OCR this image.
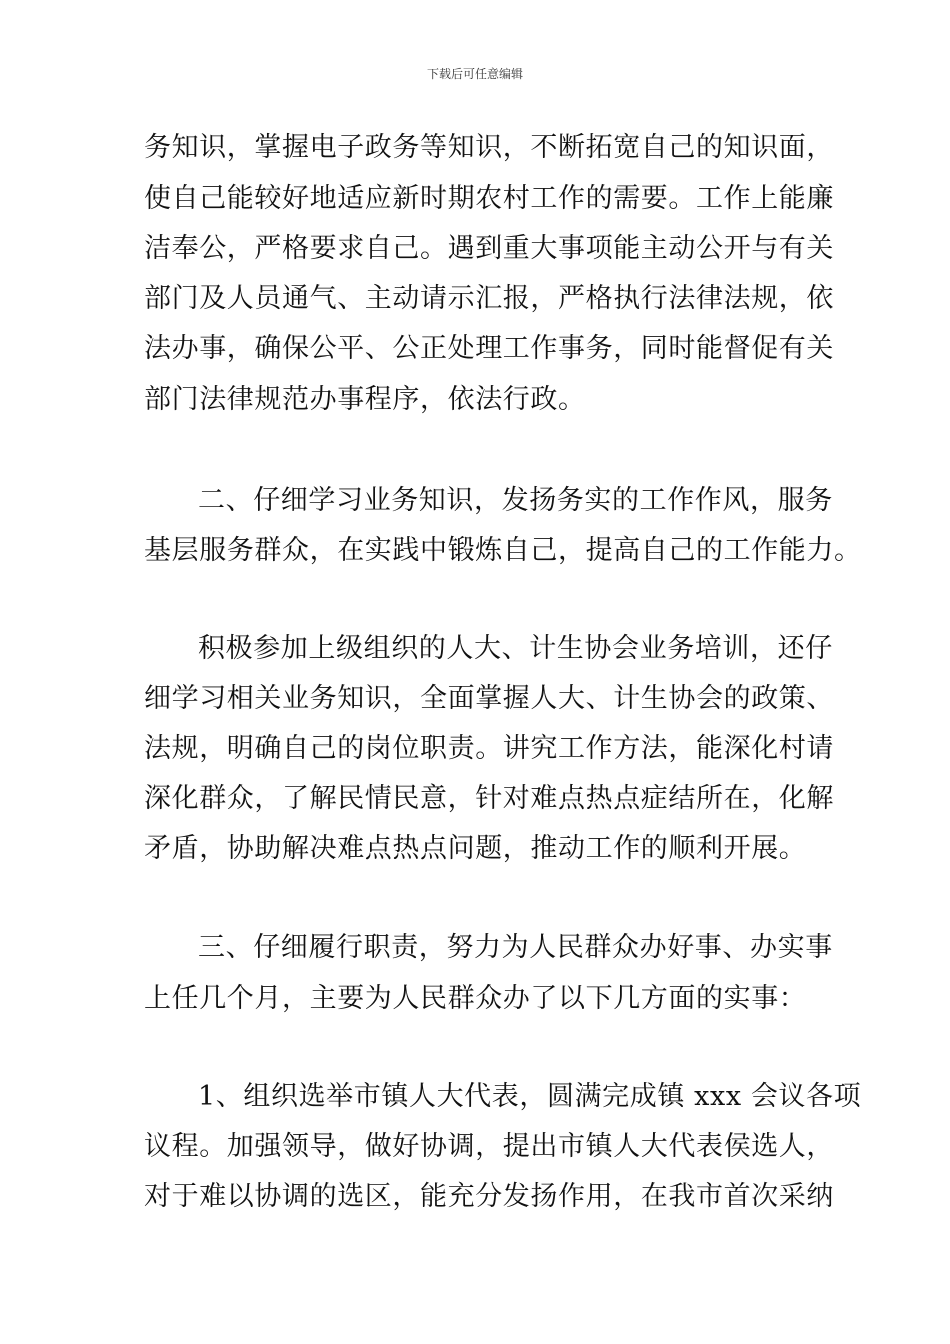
下载后可任意编辑
务知识，掌握电子政务等知识，不断拓宽自己的知识面，
使自己能较好地适应新时期农村工作的需要。工作上能廉
洁奉公，严格要求自己。遇到重大事项能主动公开与有关
部门及人员通气、主动请示汇报，严格执行法律法规，依
法办事，确保公平、公正处理工作事务，同时能督促有关
部门法律规范办事程序，依法行政。
二、仔细学习业务知识，发扬务实的工作作风，服务
基层服务群众，在实践中锻炼自己，提高自己的工作能力。
积极参加上级组织的人大、计生协会业务培训，还仔
细学习相关业务知识，全面掌握人大、计生协会的政策、
法规，明确自己的岗位职责。讲究工作方法，能深化村请
深化群众，了解民情民意，针对难点热点症结所在，化解
矛盾，协助解决难点热点问题，推动工作的顺利开展。
三、仔细履行职责，努力为人民群众办好事、办实事
上任几个月，主要为人民群众办了以下几方面的实事：
1、组织选举市镇人大代表，圆满完成镇 xxx 会议各项
议程。加强领导，做好协调，提出市镇人大代表侯选人，
对于难以协调的选区，能充分发扬作用，在我市首次采纳
